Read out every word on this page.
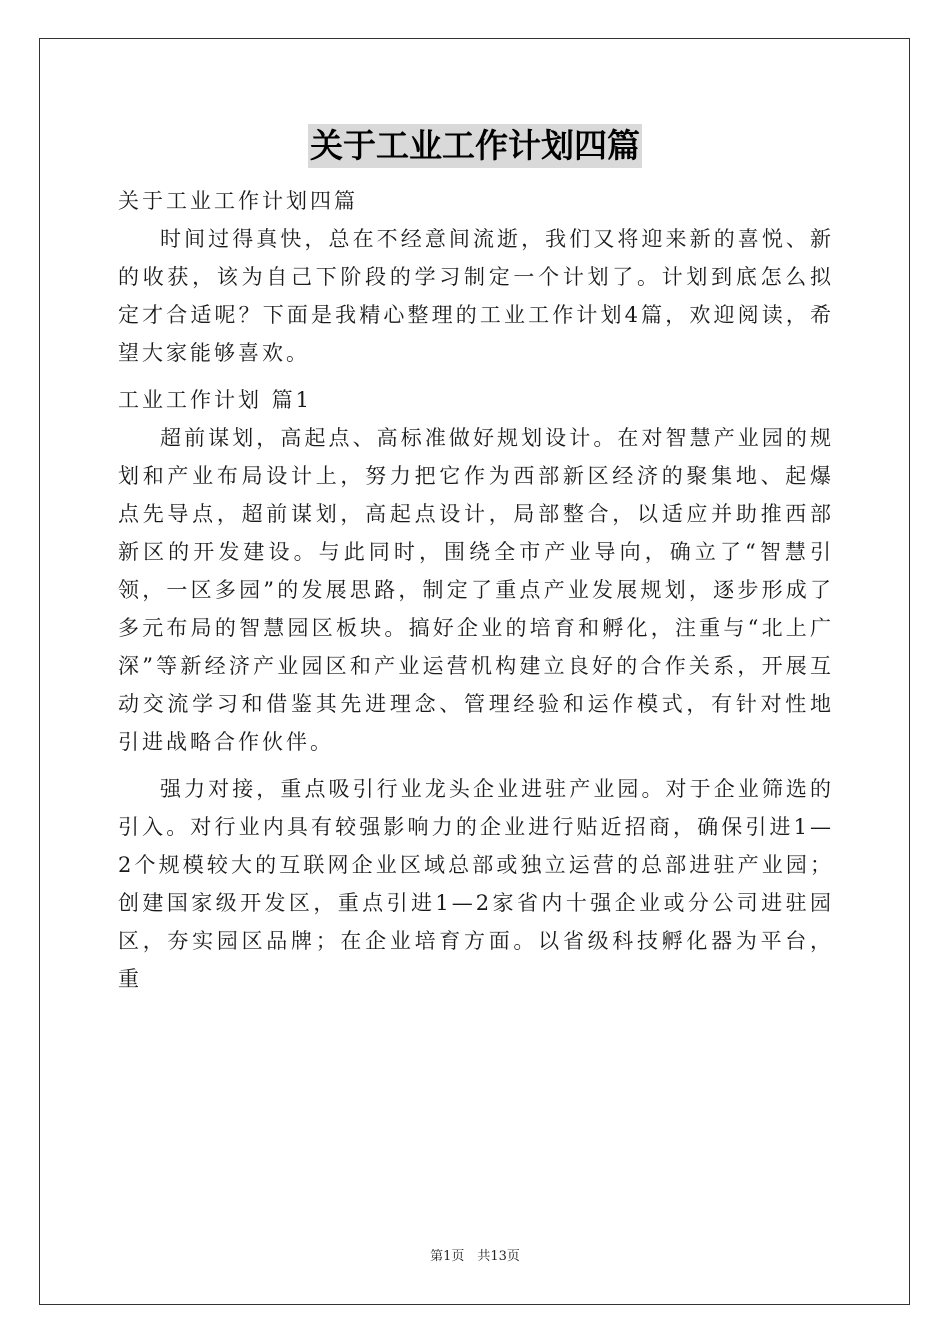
关于工业工作计划四篇

关于工业工作计划四篇

时间过得真快，总在不经意间流逝，我们又将迎来新的喜悦、新的收获，该为自己下阶段的学习制定一个计划了。计划到底怎么拟定才合适呢？下面是我精心整理的工业工作计划4篇，欢迎阅读，希望大家能够喜欢。

工业工作计划 篇1

超前谋划，高起点、高标准做好规划设计。在对智慧产业园的规划和产业布局设计上，努力把它作为西部新区经济的聚集地、起爆点先导点，超前谋划，高起点设计，局部整合，以适应并助推西部新区的开发建设。与此同时，围绕全市产业导向，确立了“智慧引领，一区多园”的发展思路，制定了重点产业发展规划，逐步形成了多元布局的智慧园区板块。搞好企业的培育和孵化，注重与“北上广深”等新经济产业园区和产业运营机构建立良好的合作关系，开展互动交流学习和借鉴其先进理念、管理经验和运作模式，有针对性地引进战略合作伙伴。

强力对接，重点吸引行业龙头企业进驻产业园。对于企业筛选的引入。对行业内具有较强影响力的企业进行贴近招商，确保引进1—2个规模较大的互联网企业区域总部或独立运营的总部进驻产业园；创建国家级开发区，重点引进1—2家省内十强企业或分公司进驻园区，夯实园区品牌；在企业培育方面。以省级科技孵化器为平台，重

第1页　共13页
